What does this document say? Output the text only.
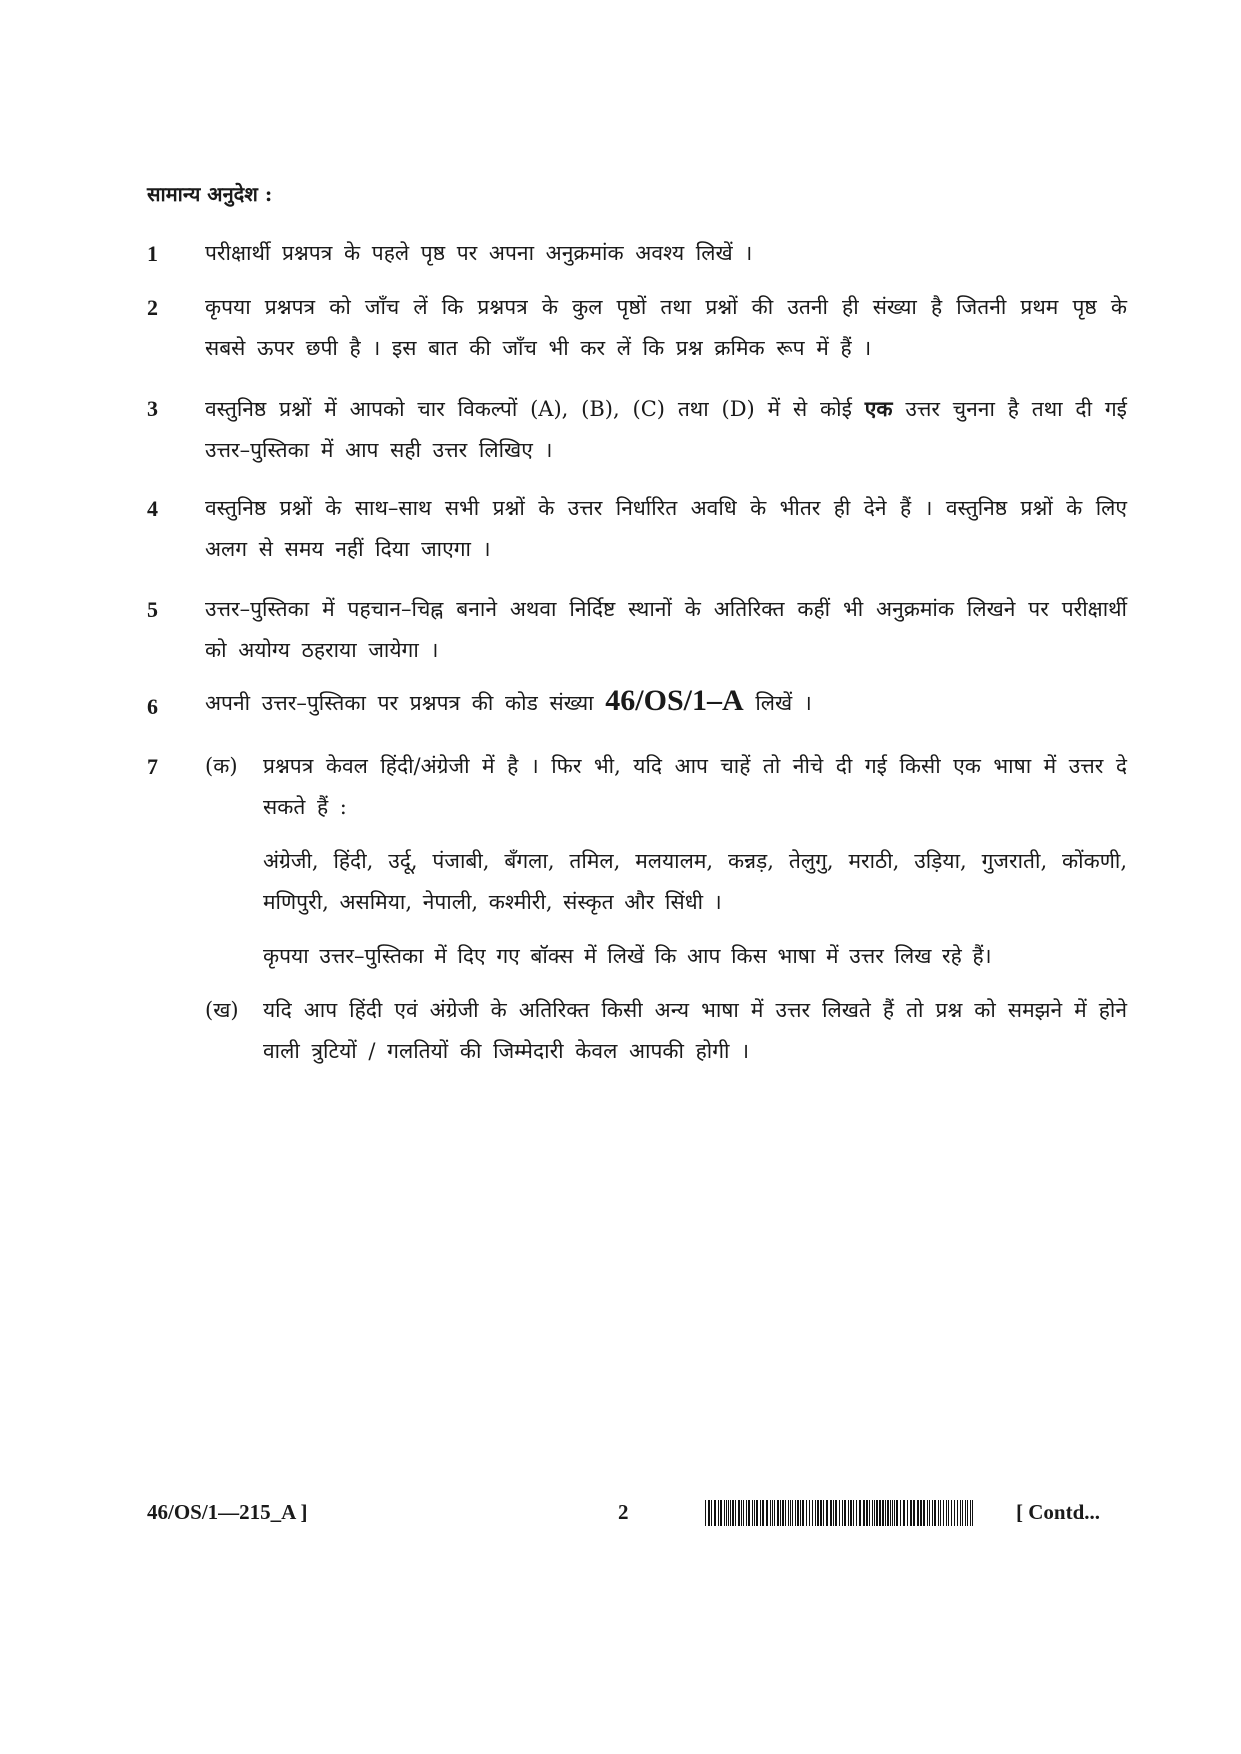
सामान्य अनुदेश :
1	परीक्षार्थी प्रश्नपत्र के पहले पृष्ठ पर अपना अनुक्रमांक अवश्य लिखें ।
2	कृपया प्रश्नपत्र को जाँच लें कि प्रश्नपत्र के कुल पृष्ठों तथा प्रश्नों की उतनी ही संख्या है जितनी प्रथम पृष्ठ के सबसे ऊपर छपी है । इस बात की जाँच भी कर लें कि प्रश्न क्रमिक रूप में हैं ।
3	वस्तुनिष्ठ प्रश्नों में आपको चार विकल्पों (A), (B), (C) तथा (D) में से कोई एक उत्तर चुनना है तथा दी गई उत्तर–पुस्तिका में आप सही उत्तर लिखिए ।
4	वस्तुनिष्ठ प्रश्नों के साथ–साथ सभी प्रश्नों के उत्तर निर्धारित अवधि के भीतर ही देने हैं । वस्तुनिष्ठ प्रश्नों के लिए अलग से समय नहीं दिया जाएगा ।
5	उत्तर–पुस्तिका में पहचान–चिह्न बनाने अथवा निर्दिष्ट स्थानों के अतिरिक्त कहीं भी अनुक्रमांक लिखने पर परीक्षार्थी को अयोग्य ठहराया जायेगा ।
6	अपनी उत्तर–पुस्तिका पर प्रश्नपत्र की कोड संख्या 46/OS/1–A लिखें ।
7	(क) प्रश्नपत्र केवल हिंदी/अंग्रेजी में है । फिर भी, यदि आप चाहें तो नीचे दी गई किसी एक भाषा में उत्तर दे सकते हैं :
अंग्रेजी, हिंदी, उर्दू, पंजाबी, बँगला, तमिल, मलयालम, कन्नड़, तेलुगु, मराठी, उड़िया, गुजराती, कोंकणी, मणिपुरी, असमिया, नेपाली, कश्मीरी, संस्कृत और सिंधी ।
कृपया उत्तर–पुस्तिका में दिए गए बॉक्स में लिखें कि आप किस भाषा में उत्तर लिख रहे हैं।
(ख) यदि आप हिंदी एवं अंग्रेजी के अतिरिक्त किसी अन्य भाषा में उत्तर लिखते हैं तो प्रश्न को समझने में होने वाली त्रुटियों / गलतियों की जिम्मेदारी केवल आपकी होगी ।
46/OS/1—215_A ]	2	[ Contd...
